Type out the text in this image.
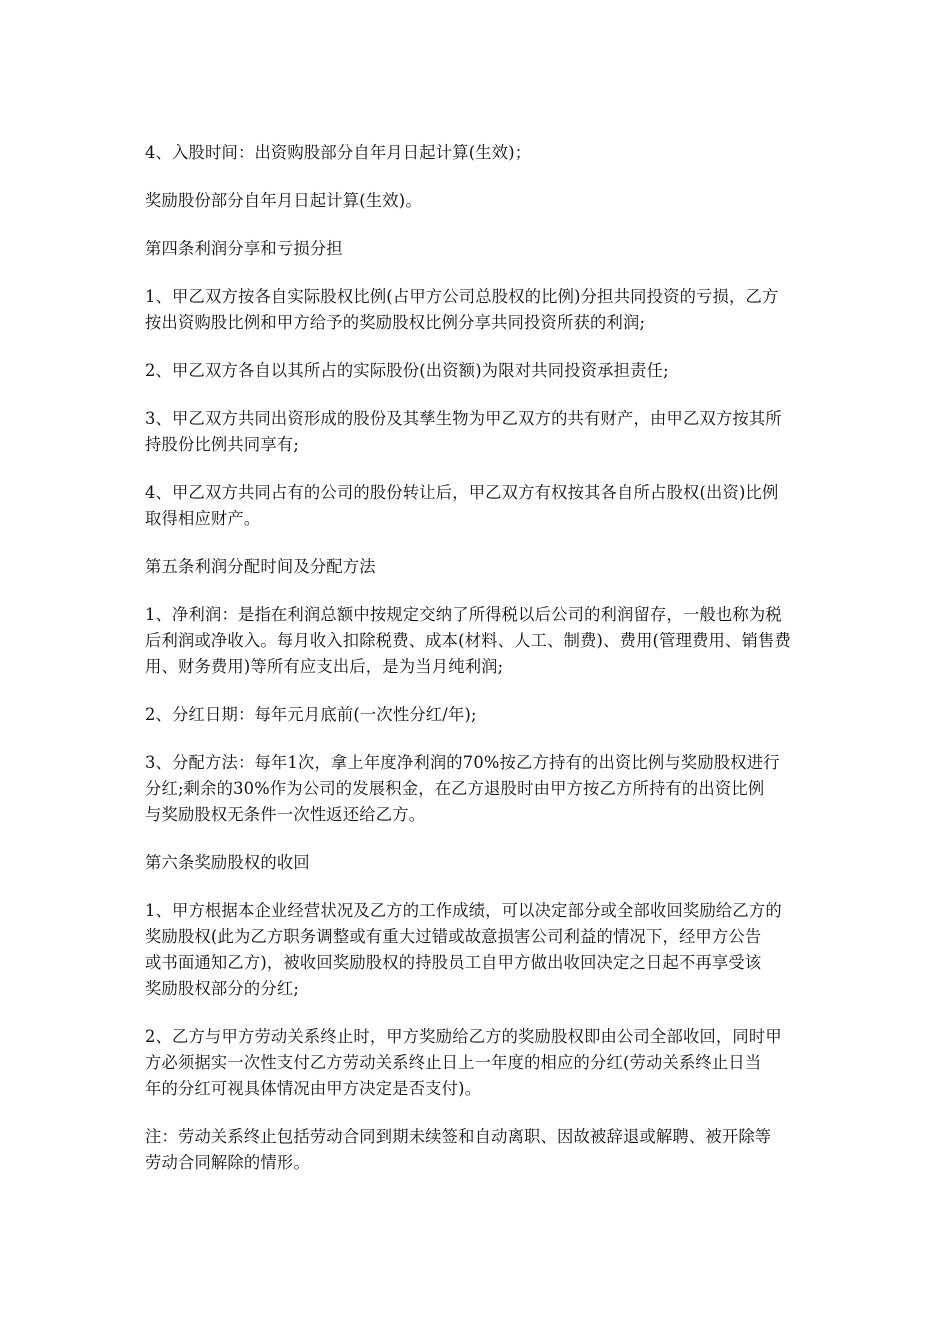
4、入股时间：出资购股部分自年月日起计算(生效)；

奖励股份部分自年月日起计算(生效)。

第四条利润分享和亏损分担

1、甲乙双方按各自实际股权比例(占甲方公司总股权的比例)分担共同投资的亏损，乙方
按出资购股比例和甲方给予的奖励股权比例分享共同投资所获的利润;

2、甲乙双方各自以其所占的实际股份(出资额)为限对共同投资承担责任;

3、甲乙双方共同出资形成的股份及其孳生物为甲乙双方的共有财产，由甲乙双方按其所
持股份比例共同享有;

4、甲乙双方共同占有的公司的股份转让后，甲乙双方有权按其各自所占股权(出资)比例
取得相应财产。

第五条利润分配时间及分配方法

1、净利润：是指在利润总额中按规定交纳了所得税以后公司的利润留存，一般也称为税
后利润或净收入。每月收入扣除税费、成本(材料、人工、制费)、费用(管理费用、销售费
用、财务费用)等所有应支出后，是为当月纯利润;

2、分红日期：每年元月底前(一次性分红/年);

3、分配方法：每年1次，拿上年度净利润的70%按乙方持有的出资比例与奖励股权进行
分红;剩余的30%作为公司的发展积金，在乙方退股时由甲方按乙方所持有的出资比例
与奖励股权无条件一次性返还给乙方。

第六条奖励股权的收回

1、甲方根据本企业经营状况及乙方的工作成绩，可以决定部分或全部收回奖励给乙方的
奖励股权(此为乙方职务调整或有重大过错或故意损害公司利益的情况下，经甲方公告
或书面通知乙方)，被收回奖励股权的持股员工自甲方做出收回决定之日起不再享受该
奖励股权部分的分红;

2、乙方与甲方劳动关系终止时，甲方奖励给乙方的奖励股权即由公司全部收回，同时甲
方必须据实一次性支付乙方劳动关系终止日上一年度的相应的分红(劳动关系终止日当
年的分红可视具体情况由甲方决定是否支付)。

注：劳动关系终止包括劳动合同到期未续签和自动离职、因故被辞退或解聘、被开除等
劳动合同解除的情形。
